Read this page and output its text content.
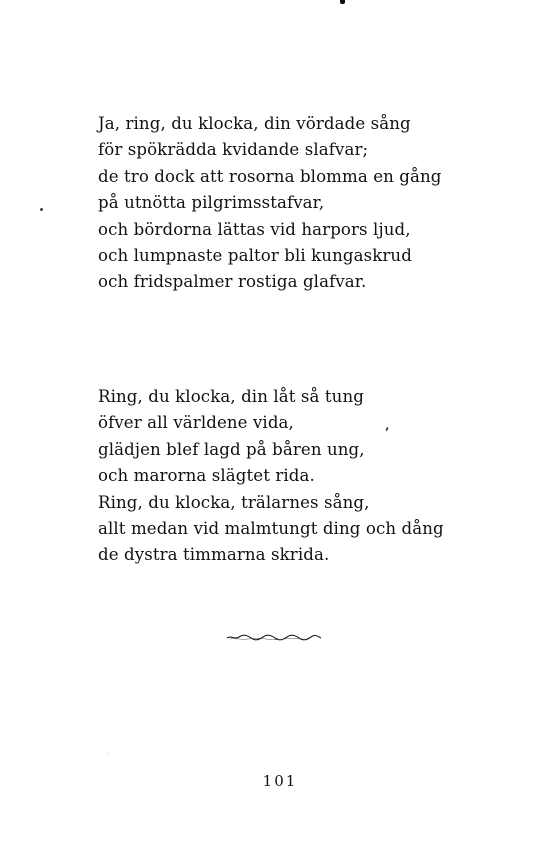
Ja, ring, du klocka, din vördade sång
för spökrädda kvidande slafvar;
de tro dock att rosorna blomma en gång
på utnötta pilgrimsstafvar,
och bördorna lättas vid harpors ljud,
och lumpnaste paltor bli kungaskrud
och fridspalmer rostiga glafvar.
Ring, du klocka, din låt så tung
öfver all världene vida,
glädjen blef lagd på båren ung,
och marorna slägtet rida.
Ring, du klocka, trälarnes sång,
allt medan vid malmtungt ding och dång
de dystra timmarna skrida.
101
